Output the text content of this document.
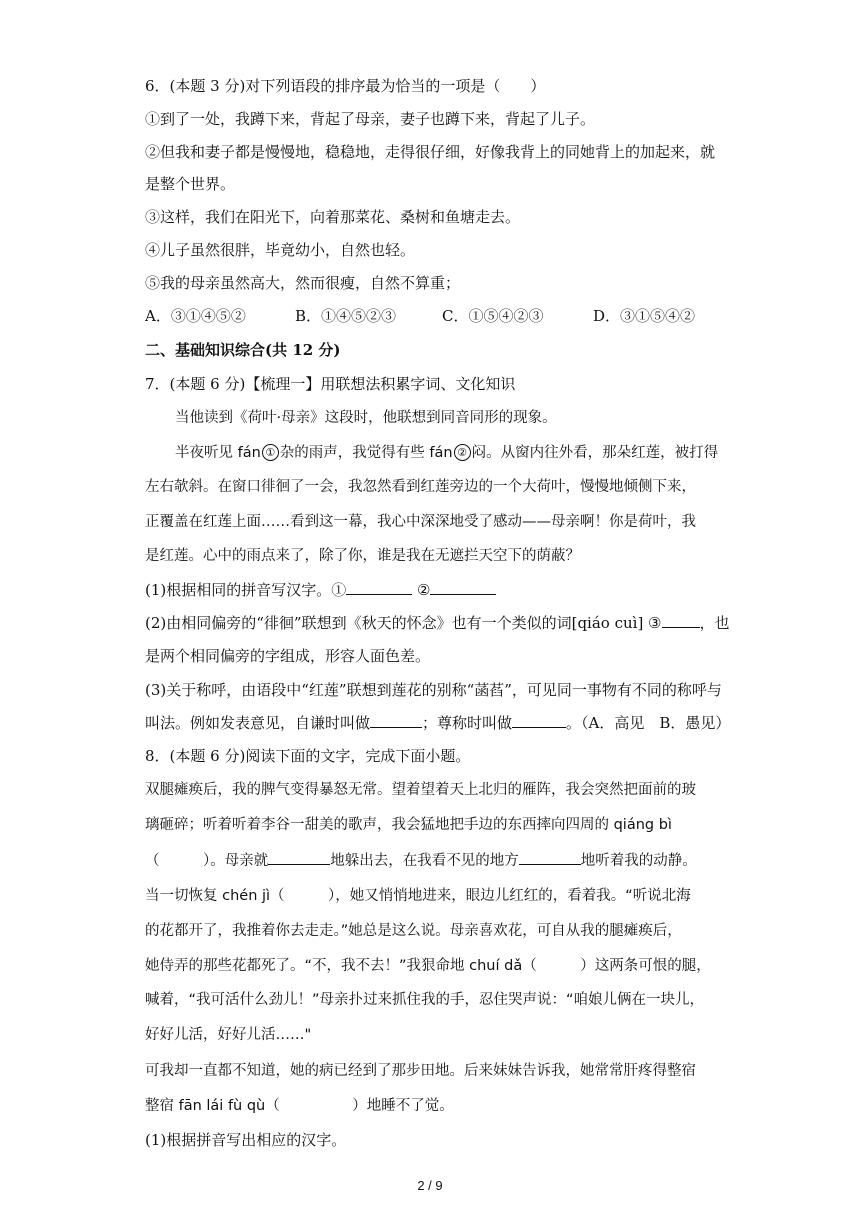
6．(本题 3 分)对下列语段的排序最为恰当的一项是（　　）
①到了一处，我蹲下来，背起了母亲，妻子也蹲下来，背起了儿子。
②但我和妻子都是慢慢地，稳稳地，走得很仔细，好像我背上的同她背上的加起来，就
是整个世界。
③这样，我们在阳光下，向着那菜花、桑树和鱼塘走去。
④儿子虽然很胖，毕竟幼小，自然也轻。
⑤我的母亲虽然高大，然而很瘦，自然不算重；
A．③①④⑤②	B．①④⑤②③	C．①⑤④②③	D．③①⑤④②
二、基础知识综合(共 12 分)
7．(本题 6 分)【梳理一】用联想法积累字词、文化知识
当他读到《荷叶·母亲》这段时，他联想到同音同形的现象。
半夜听见 fán ① 杂的雨声，我觉得有些 fán ② 闷。从窗内往外看，那朵红莲，被打得
左右欹斜。在窗口徘徊了一会，我忽然看到红莲旁边的一个大荷叶，慢慢地倾侧下来，
正覆盖在红莲上面……看到这一幕，我心中深深地受了感动——母亲啊！你是荷叶，我
是红莲。心中的雨点来了，除了你，谁是我在无遮拦天空下的荫蔽？
(1)根据相同的拼音写汉字。①	②
(2)由相同偏旁的“徘徊”联想到《秋天的怀念》也有一个类似的词[qiáo cuì] ③	，也
是两个相同偏旁的字组成，形容人面色差。
(3)关于称呼，由语段中“红莲”联想到莲花的别称“菡萏”，可见同一事物有不同的称呼与
叫法。例如发表意见，自谦时叫做	；尊称时叫做	。（A．高见　B．愚见）
8．(本题 6 分)阅读下面的文字，完成下面小题。
双腿瘫痪后，我的脾气变得暴怒无常。望着望着天上北归的雁阵，我会突然把面前的玻
璃砸碎；听着听着李谷一甜美的歌声，我会猛地把手边的东西摔向四周的 qiáng bì
（　　　）。母亲就	地躲出去，在我看不见的地方	地听着我的动静。
当一切恢复 chén jì（　　　），她又悄悄地进来，眼边儿红红的，看着我。“听说北海
的花都开了，我推着你去走走。”她总是这么说。母亲喜欢花，可自从我的腿瘫痪后，
她侍弄的那些花都死了。“不，我不去！”我狠命地 chuí dǎ（　　　）这两条可恨的腿，
喊着，“我可活什么劲儿！”母亲扑过来抓住我的手，忍住哭声说：“咱娘儿俩在一块儿，
好好儿活，好好儿活……"
可我却一直都不知道，她的病已经到了那步田地。后来妹妹告诉我，她常常肝疼得整宿
整宿 fān lái fù qù（　　　　　）地睡不了觉。
(1)根据拼音写出相应的汉字。
2 / 9
